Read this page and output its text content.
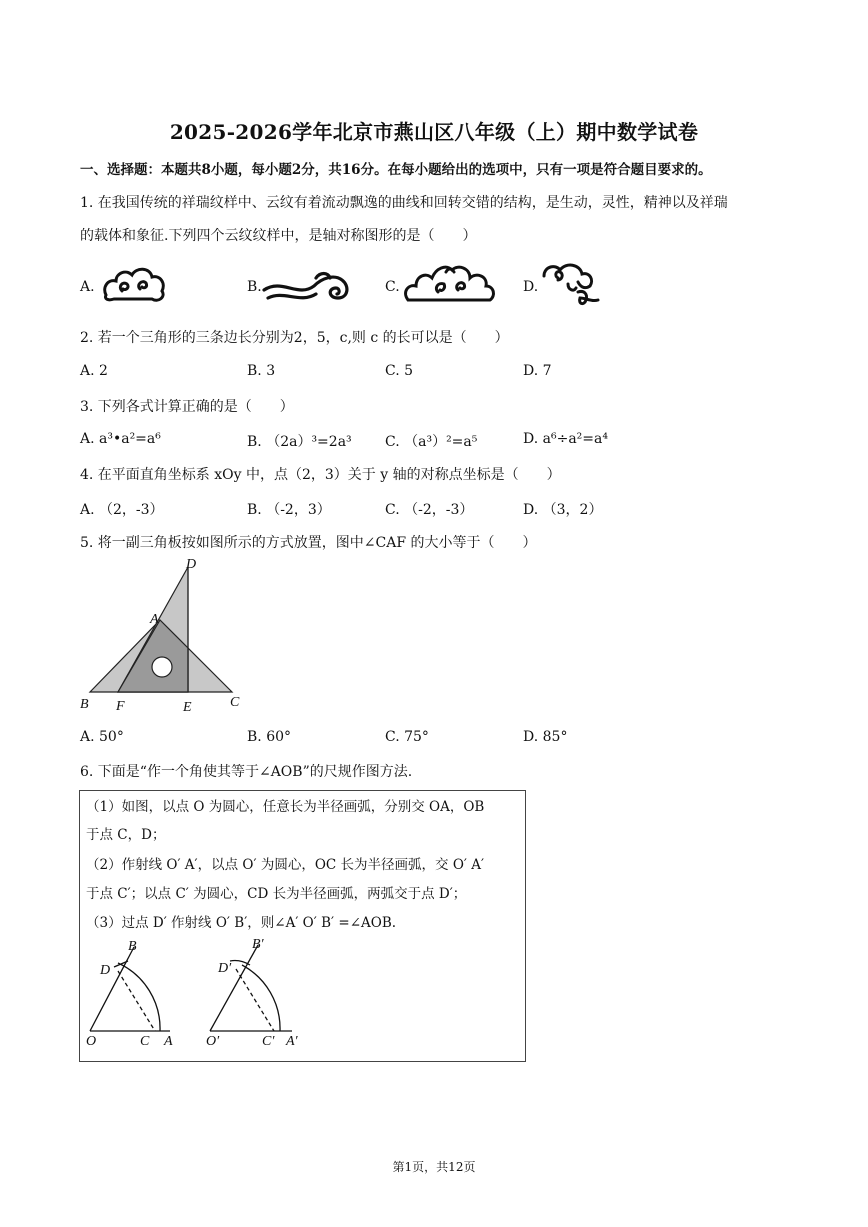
2025-2026学年北京市燕山区八年级（上）期中数学试卷
一、选择题：本题共8小题，每小题2分，共16分。在每小题给出的选项中，只有一项是符合题目要求的。
1. 在我国传统的祥瑞纹样中、云纹有着流动飘逸的曲线和回转交错的结构，是生动，灵性，精神以及祥瑞
的载体和象征.下列四个云纹纹样中，是轴对称图形的是（　　）
A.	B.	C.	D.
2. 若一个三角形的三条边长分别为2，5，c,则 c 的长可以是（　　）
A. 2	B. 3	C. 5	D. 7
3. 下列各式计算正确的是（　　）
A. a³•a²=a⁶	B. （2a）³=2a³ C. （a³）²=a⁵	D. a⁶÷a²=a⁴
4. 在平面直角坐标系 xOy 中，点（2，3）关于 y 轴的对称点坐标是（　　）
A. （2，-3）	B. （-2，3）	C. （-2，-3）	D. （3，2）
5. 将一副三角板按如图所示的方式放置，图中∠CAF 的大小等于（　　）
D
A
B F	E	C
A. 50°	B. 60°	C. 75°	D. 85°
6. 下面是“作一个角使其等于∠AOB”的尺规作图方法.
（1）如图，以点 O 为圆心，任意长为半径画弧，分别交 OA，OB
于点 C，D；
（2）作射线 O′ A′，以点 O′ 为圆心，OC 长为半径画弧，交 O′ A′
于点 C′；以点 C′ 为圆心，CD 长为半径画弧，两弧交于点 D′；
（3）过点 D′ 作射线 O′ B′，则∠A′ O′ B′ =∠AOB.
B
D
O	C A
B′
D′
O′	C′ A′
第1页，共12页
